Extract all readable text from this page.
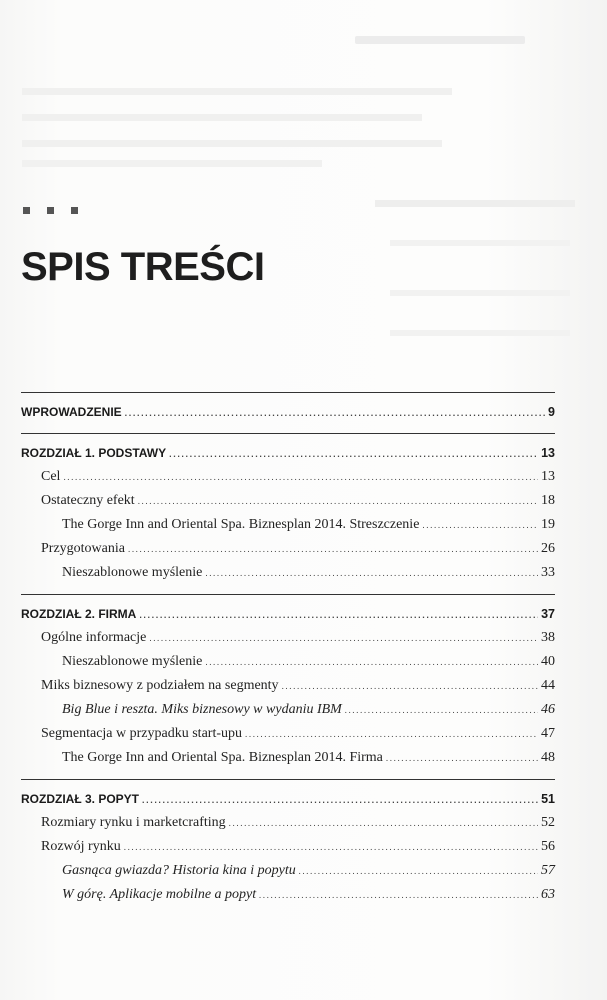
SPIS TREŚCI
WPROWADZENIE .....	9
ROZDZIAŁ 1. PODSTAWY .....	13
Cel .....	13
Ostateczny efekt .....	18
The Gorge Inn and Oriental Spa. Biznesplan 2014. Streszczenie .....	19
Przygotowania .....	26
Nieszablonowe myślenie .....	33
ROZDZIAŁ 2. FIRMA .....	37
Ogólne informacje .....	38
Nieszablonowe myślenie .....	40
Miks biznesowy z podziałem na segmenty .....	44
Big Blue i reszta. Miks biznesowy w wydaniu IBM .....	46
Segmentacja w przypadku start-upu .....	47
The Gorge Inn and Oriental Spa. Biznesplan 2014. Firma .....	48
ROZDZIAŁ 3. POPYT .....	51
Rozmiary rynku i marketcrafting .....	52
Rozwój rynku .....	56
Gasnąca gwiazda? Historia kina i popytu .....	57
W górę. Aplikacje mobilne a popyt .....	63
